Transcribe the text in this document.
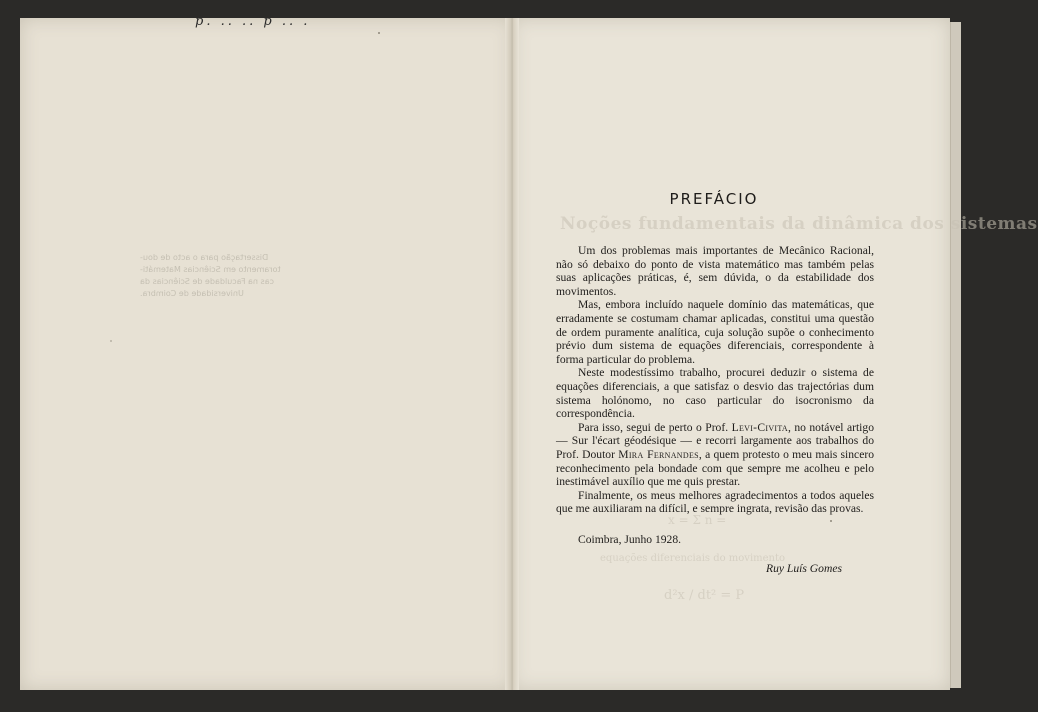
p. .. .. p .. .
Dissertação para o acto de dou-
toramento em Sciências Matemáti-
cas na Faculdade de Sciências da
Universidade de Coimbra.
Noções fundamentais da dinâmica dos sistemas
x = Σ n =
equações diferenciais do movimento
d²x / dt² = P
PREFÁCIO

Um dos problemas mais importantes de Mecânico Racional, não só debaixo do ponto de vista matemático mas também pelas suas aplicações práticas, é, sem dúvida, o da estabilidade dos movimentos.

Mas, embora incluído naquele domínio das matemáticas, que erradamente se costumam chamar aplicadas, constitui uma questão de ordem puramente analítica, cuja solução supõe o conhecimento prévio dum sistema de equações diferenciais, correspondente à forma particular do problema.

Neste modestíssimo trabalho, procurei deduzir o sistema de equações diferenciais, a que satisfaz o desvio das trajectórias dum sistema holónomo, no caso particular do isocronismo da correspondência.

Para isso, segui de perto o Prof. Levi-Civita, no notável artigo — Sur l'écart géodésique — e recorri largamente aos trabalhos do Prof. Doutor Mira Fernandes, a quem protesto o meu mais sincero reconhecimento pela bondade com que sempre me acolheu e pelo inestimável auxílio que me quis prestar.

Finalmente, os meus melhores agradecimentos a todos aqueles que me auxiliaram na difícil, e sempre ingrata, revisão das provas.

Coimbra, Junho 1928.
Ruy Luís Gomes
